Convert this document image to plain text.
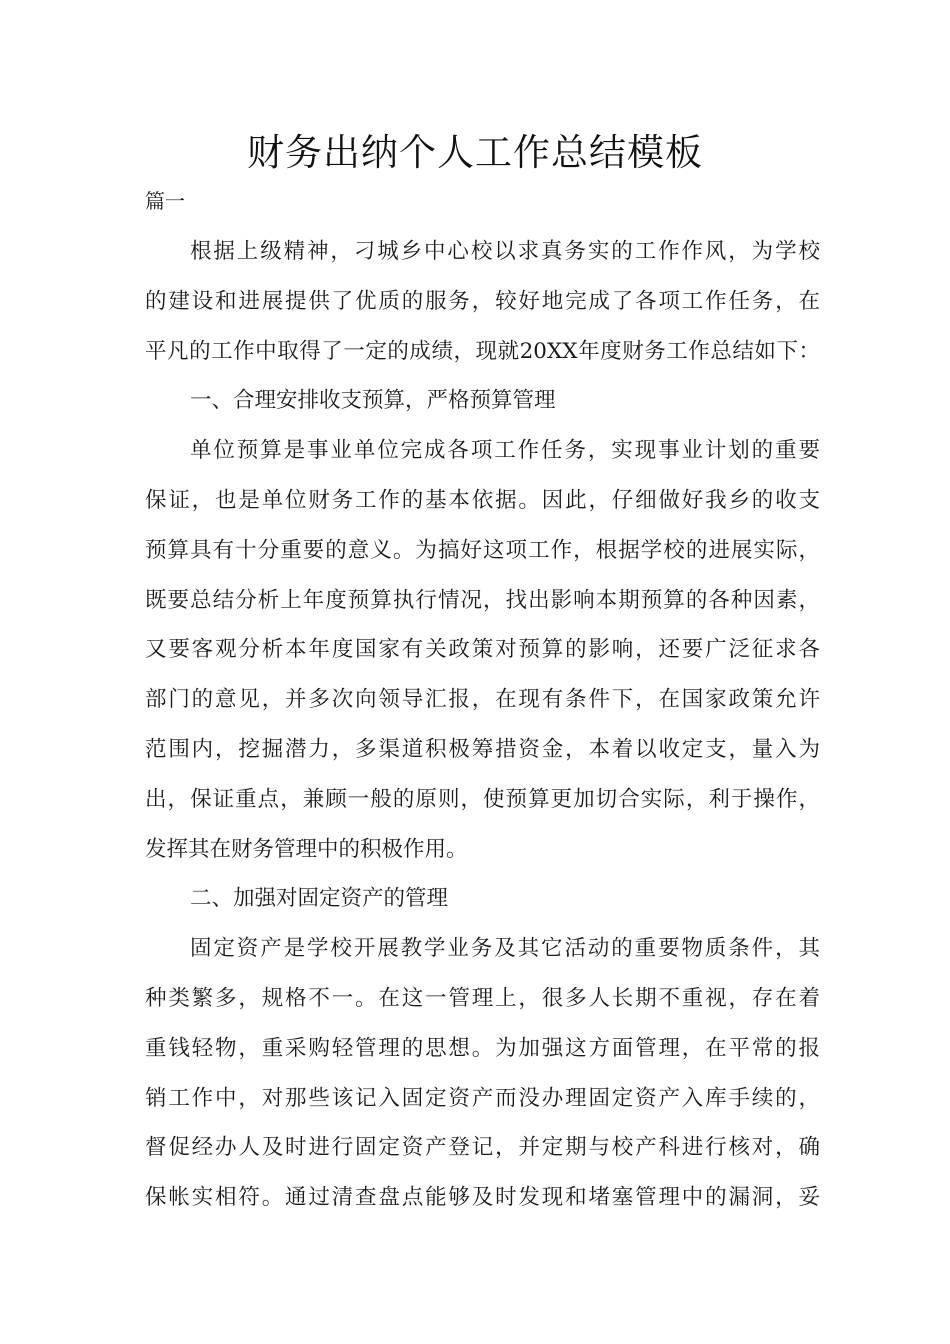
财务出纳个人工作总结模板
篇一
根据上级精神，刁城乡中心校以求真务实的工作作风，为学校
的建设和进展提供了优质的服务，较好地完成了各项工作任务，在
平凡的工作中取得了一定的成绩，现就20XX年度财务工作总结如下：
一、合理安排收支预算，严格预算管理
单位预算是事业单位完成各项工作任务，实现事业计划的重要
保证，也是单位财务工作的基本依据。因此，仔细做好我乡的收支
预算具有十分重要的意义。为搞好这项工作，根据学校的进展实际，
既要总结分析上年度预算执行情况，找出影响本期预算的各种因素，
又要客观分析本年度国家有关政策对预算的影响，还要广泛征求各
部门的意见，并多次向领导汇报，在现有条件下，在国家政策允许
范围内，挖掘潜力，多渠道积极筹措资金，本着以收定支，量入为
出，保证重点，兼顾一般的原则，使预算更加切合实际，利于操作，
发挥其在财务管理中的积极作用。
二、加强对固定资产的管理
固定资产是学校开展教学业务及其它活动的重要物质条件，其
种类繁多，规格不一。在这一管理上，很多人长期不重视，存在着
重钱轻物，重采购轻管理的思想。为加强这方面管理，在平常的报
销工作中，对那些该记入固定资产而没办理固定资产入库手续的，
督促经办人及时进行固定资产登记，并定期与校产科进行核对，确
保帐实相符。通过清查盘点能够及时发现和堵塞管理中的漏洞，妥
